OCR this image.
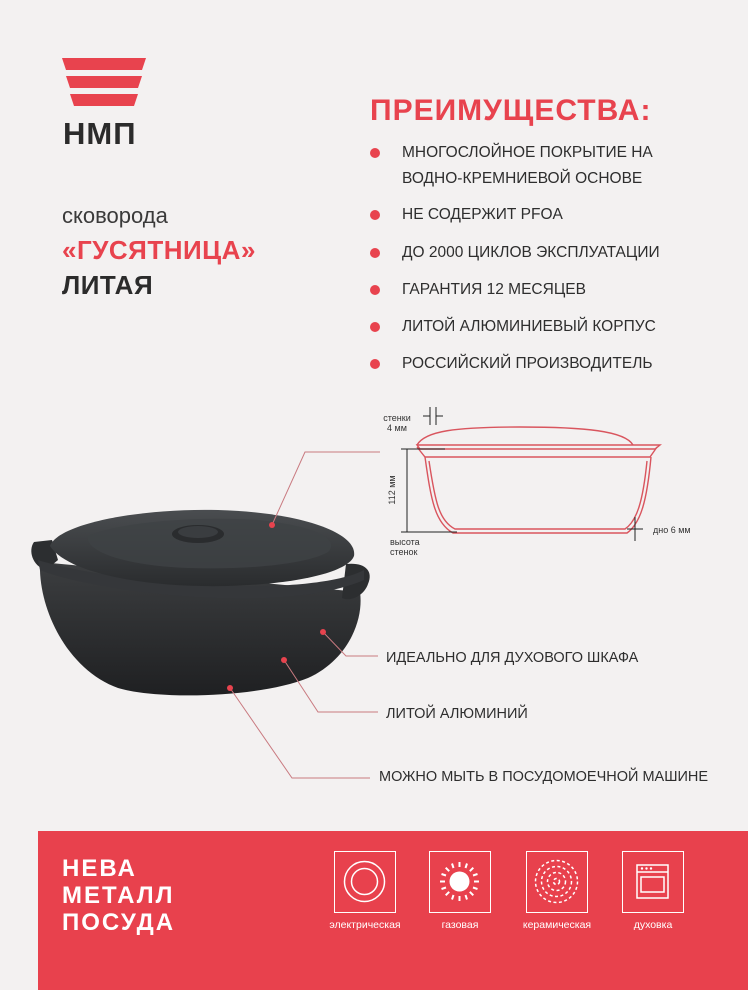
НМП
сковорода
«ГУСЯТНИЦА»
ЛИТАЯ
ПРЕИМУЩЕСТВА:
МНОГОСЛОЙНОЕ ПОКРЫТИЕ НА ВОДНО-КРЕМНИЕВОЙ ОСНОВЕ
НЕ СОДЕРЖИТ PFOA
ДО 2000 ЦИКЛОВ ЭКСПЛУАТАЦИИ
ГАРАНТИЯ 12 МЕСЯЦЕВ
ЛИТОЙ АЛЮМИНИЕВЫЙ КОРПУС
РОССИЙСКИЙ ПРОИЗВОДИТЕЛЬ
стенки
4 мм
112 мм
высота
стенок
дно 6 мм
ИДЕАЛЬНО ДЛЯ ДУХОВОГО ШКАФА
ЛИТОЙ АЛЮМИНИЙ
МОЖНО МЫТЬ В ПОСУДОМОЕЧНОЙ МАШИНЕ
НЕВА
МЕТАЛЛ
ПОСУДА	электрическая	газовая	керамическая	духовка
